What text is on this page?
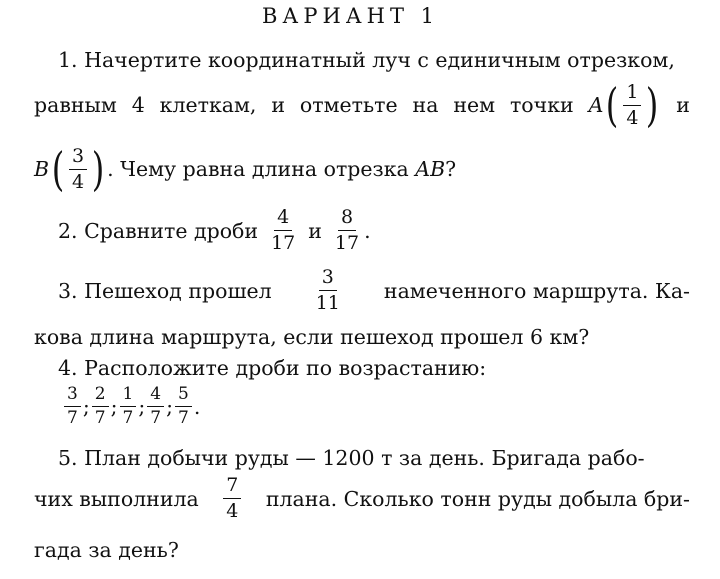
ВАРИАНТ 1
1. Начертите координатный луч с единичным отрезком,
равным 4 клеткам, и отметьте на нем точки A ( $\frac{1}{4}$ ) и
B ( $\frac{3}{4}$ ) . Чему равна длина отрезка AB ?
2. Сравните дроби $\frac{4}{17}$ и $\frac{8}{17}$ .
3. Пешеход прошел $\frac{3}{11}$ намеченного маршрута. Ка-
кова длина маршрута, если пешеход прошел 6 км?
4. Расположите дроби по возрастанию:
$\frac{3}{7}$ ; $\frac{2}{7}$ ; $\frac{1}{7}$ ; $\frac{4}{7}$ ; $\frac{5}{7}$ .
5. План добычи руды — 1200 т за день. Бригада рабо-
чих выполнила $\frac{7}{4}$ плана. Сколько тонн руды добыла бри-
гада за день?
